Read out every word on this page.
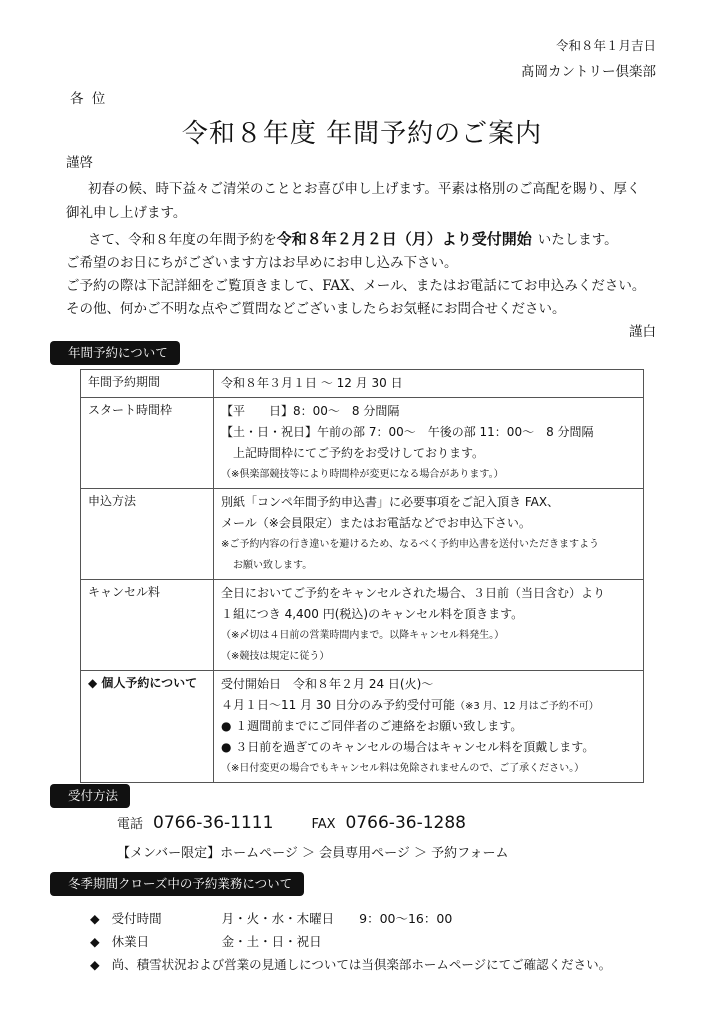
令和８年１月吉日
髙岡カントリー倶楽部
各 位
令和８年度 年間予約のご案内
謹啓
初春の候、時下益々ご清栄のこととお喜び申し上げます。平素は格別のご高配を賜り、厚く
御礼申し上げます。
さて、令和８年度の年間予約を令和８年２月２日（月）より受付開始 いたします。
ご希望のお日にちがございます方はお早めにお申し込み下さい。
ご予約の際は下記詳細をご覧頂きまして、FAX、メール、またはお電話にてお申込みください。
その他、何かご不明な点やご質問などございましたらお気軽にお問合せください。
謹白
年間予約について
年間予約期間	令和８年３月１日 ～ 12 月 30 日

スタート時間枠	【平　　日】8：00～　8 分間隔
【土・日・祝日】午前の部 7：00～　午後の部 11：00～　8 分間隔
上記時間枠にてご予約をお受けしております。
（※倶楽部競技等により時間枠が変更になる場合があります。）

申込方法	別紙「コンペ年間予約申込書」に必要事項をご記入頂き FAX、
メール（※会員限定）またはお電話などでお申込下さい。
※ご予約内容の行き違いを避けるため、なるべく予約申込書を送付いただきますよう
お願い致します。

キャンセル料	全日においてご予約をキャンセルされた場合、３日前（当日含む）より
１組につき 4,400 円(税込)のキャンセル料を頂きます。
（※〆切は４日前の営業時間内まで。以降キャンセル料発生。）
（※競技は規定に従う）

◆ 個人予約について	受付開始日　令和８年２月 24 日(火)～
４月１日～11 月 30 日分のみ予約受付可能（※3 月、12 月はご予約不可）
● １週間前までにご同伴者のご連絡をお願い致します。
● ３日前を過ぎてのキャンセルの場合はキャンセル料を頂戴します。
（※日付変更の場合でもキャンセル料は免除されませんので、ご了承ください。）
受付方法
電話 0766-36-1111	FAX 0766-36-1288
【メンバー限定】ホームページ ＞ 会員専用ページ ＞ 予約フォーム
冬季期間クローズ中の予約業務について
◆ 受付時間	月・火・水・木曜日　　9：00～16：00
◆ 休業日	金・土・日・祝日
◆ 尚、積雪状況および営業の見通しについては当倶楽部ホームページにてご確認ください。
